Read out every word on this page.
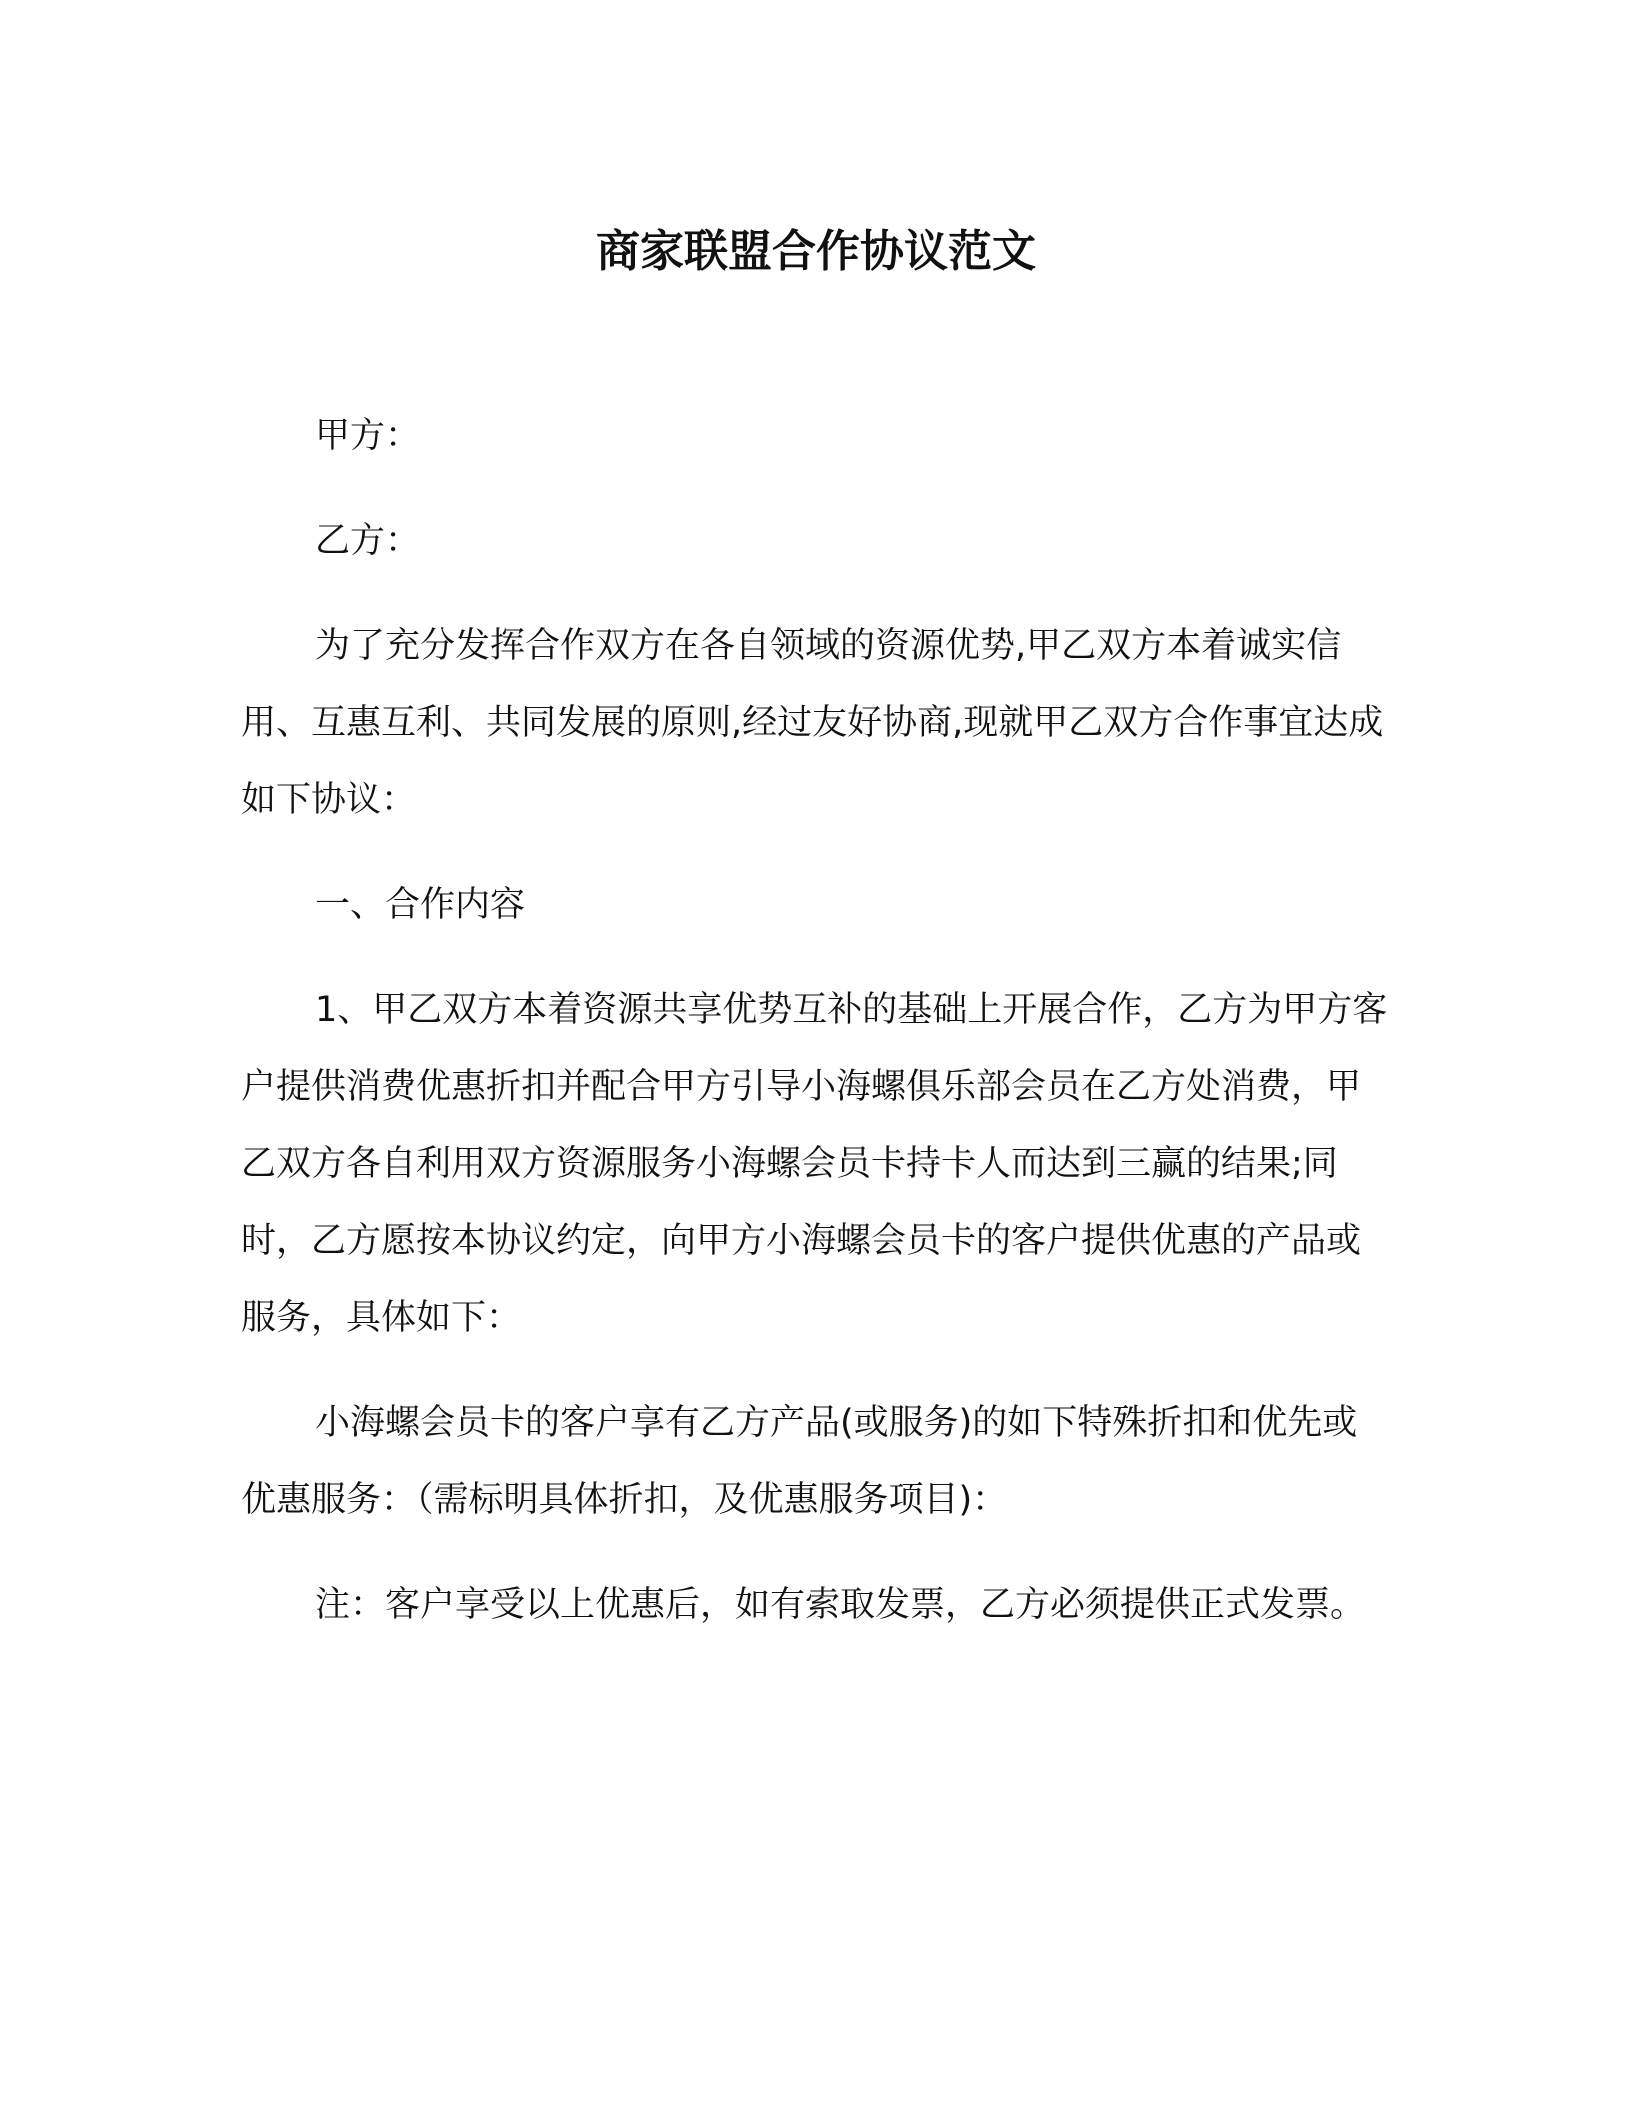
商家联盟合作协议范文

甲方：

乙方：

为了充分发挥合作双方在各自领域的资源优势,甲乙双方本着诚实信用、互惠互利、共同发展的原则,经过友好协商,现就甲乙双方合作事宜达成如下协议：

一、合作内容

1、甲乙双方本着资源共享优势互补的基础上开展合作，乙方为甲方客户提供消费优惠折扣并配合甲方引导小海螺俱乐部会员在乙方处消费，甲乙双方各自利用双方资源服务小海螺会员卡持卡人而达到三赢的结果;同时，乙方愿按本协议约定，向甲方小海螺会员卡的客户提供优惠的产品或服务，具体如下：

小海螺会员卡的客户享有乙方产品(或服务)的如下特殊折扣和优先或优惠服务：（需标明具体折扣，及优惠服务项目)：

注：客户享受以上优惠后，如有索取发票，乙方必须提供正式发票。
